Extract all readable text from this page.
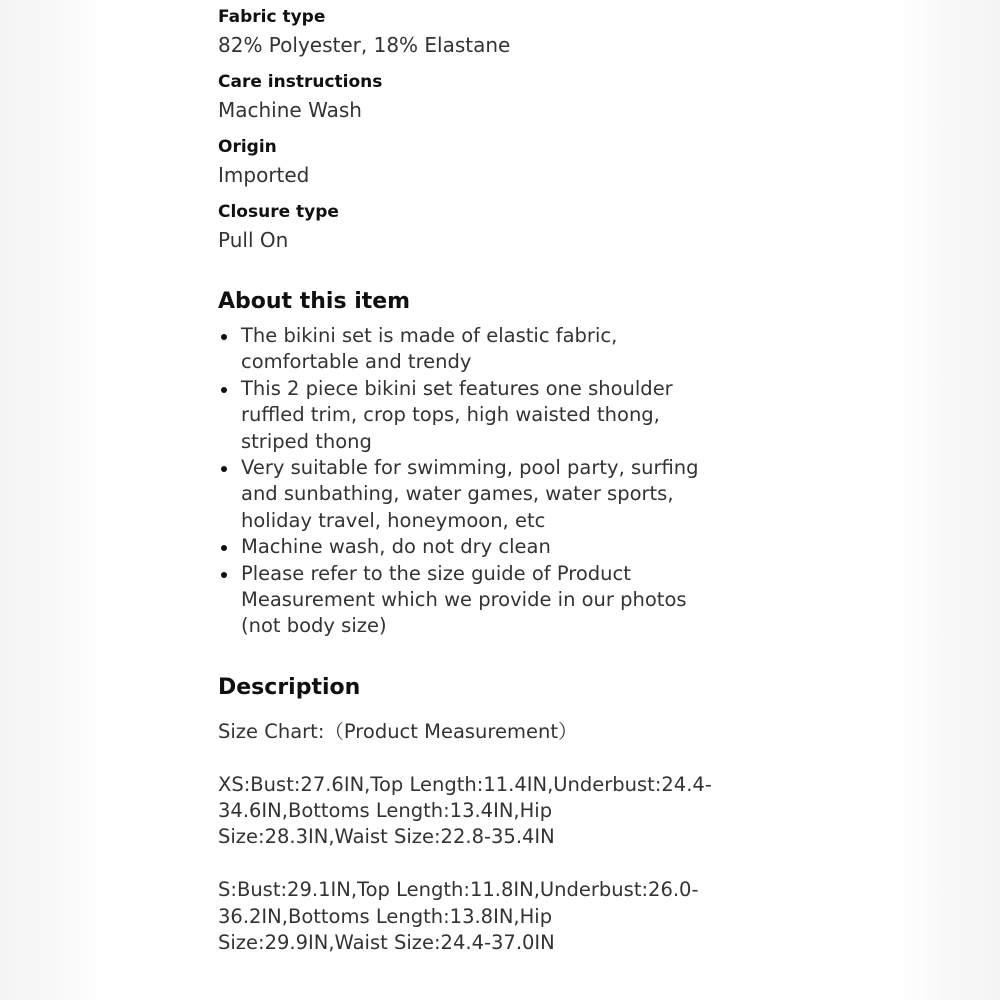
Fabric type
82% Polyester, 18% Elastane
Care instructions
Machine Wash
Origin
Imported
Closure type
Pull On
About this item
The bikini set is made of elastic fabric, comfortable and trendy
This 2 piece bikini set features one shoulder ruffled trim, crop tops, high waisted thong, striped thong
Very suitable for swimming, pool party, surfing and sunbathing, water games, water sports, holiday travel, honeymoon, etc
Machine wash, do not dry clean
Please refer to the size guide of Product Measurement which we provide in our photos (not body size)
Description

Size Chart:（Product Measurement）

XS:Bust:27.6IN,Top Length:11.4IN,Underbust:24.4-34.6IN,Bottoms Length:13.4IN,Hip Size:28.3IN,Waist Size:22.8-35.4IN

S:Bust:29.1IN,Top Length:11.8IN,Underbust:26.0-36.2IN,Bottoms Length:13.8IN,Hip Size:29.9IN,Waist Size:24.4-37.0IN
